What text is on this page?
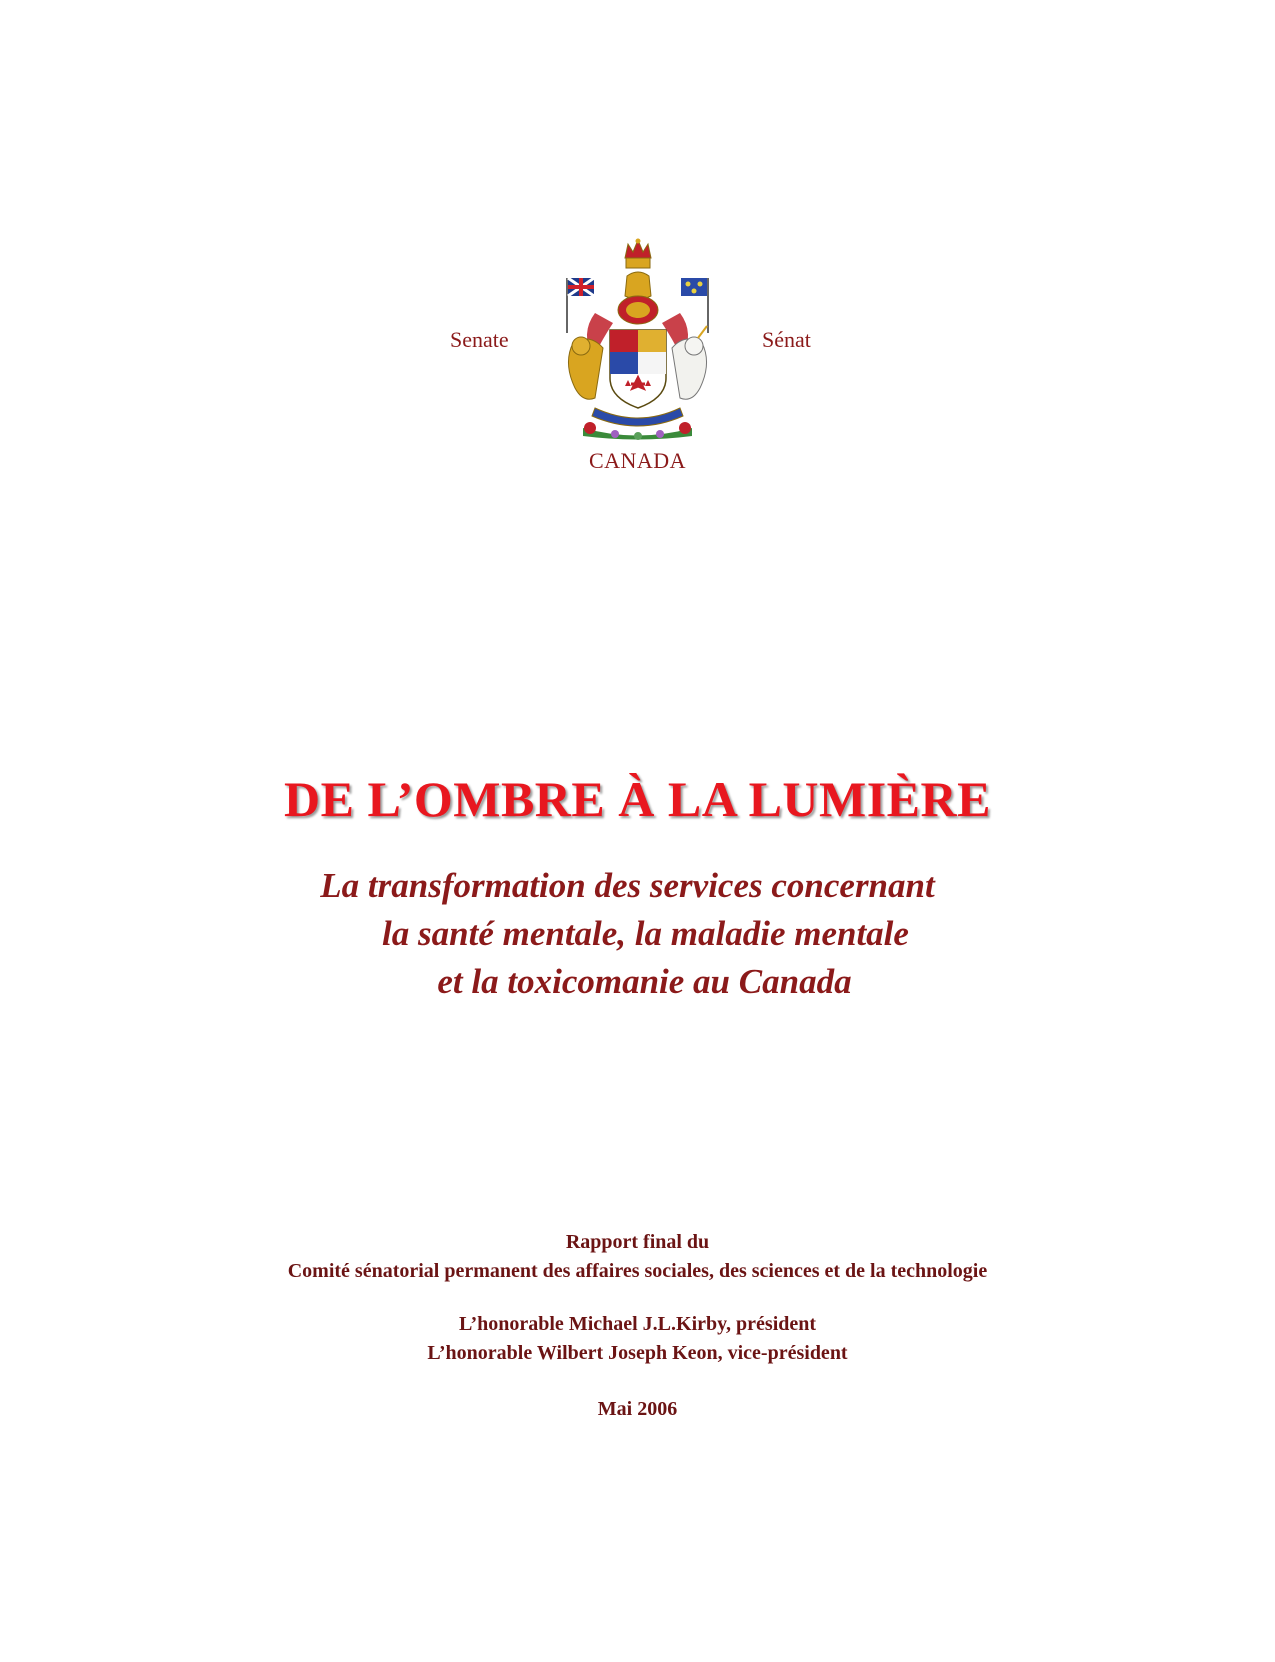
Senate	Sénat
CANADA
DE L’OMBRE À LA LUMIÈRE
La transformation des services concernant
la santé mentale, la maladie mentale
et la toxicomanie au Canada
Rapport final du
Comité sénatorial permanent des affaires sociales, des sciences et de la technologie
L’honorable Michael J.L.Kirby, président
L’honorable Wilbert Joseph Keon, vice-président
Mai 2006
